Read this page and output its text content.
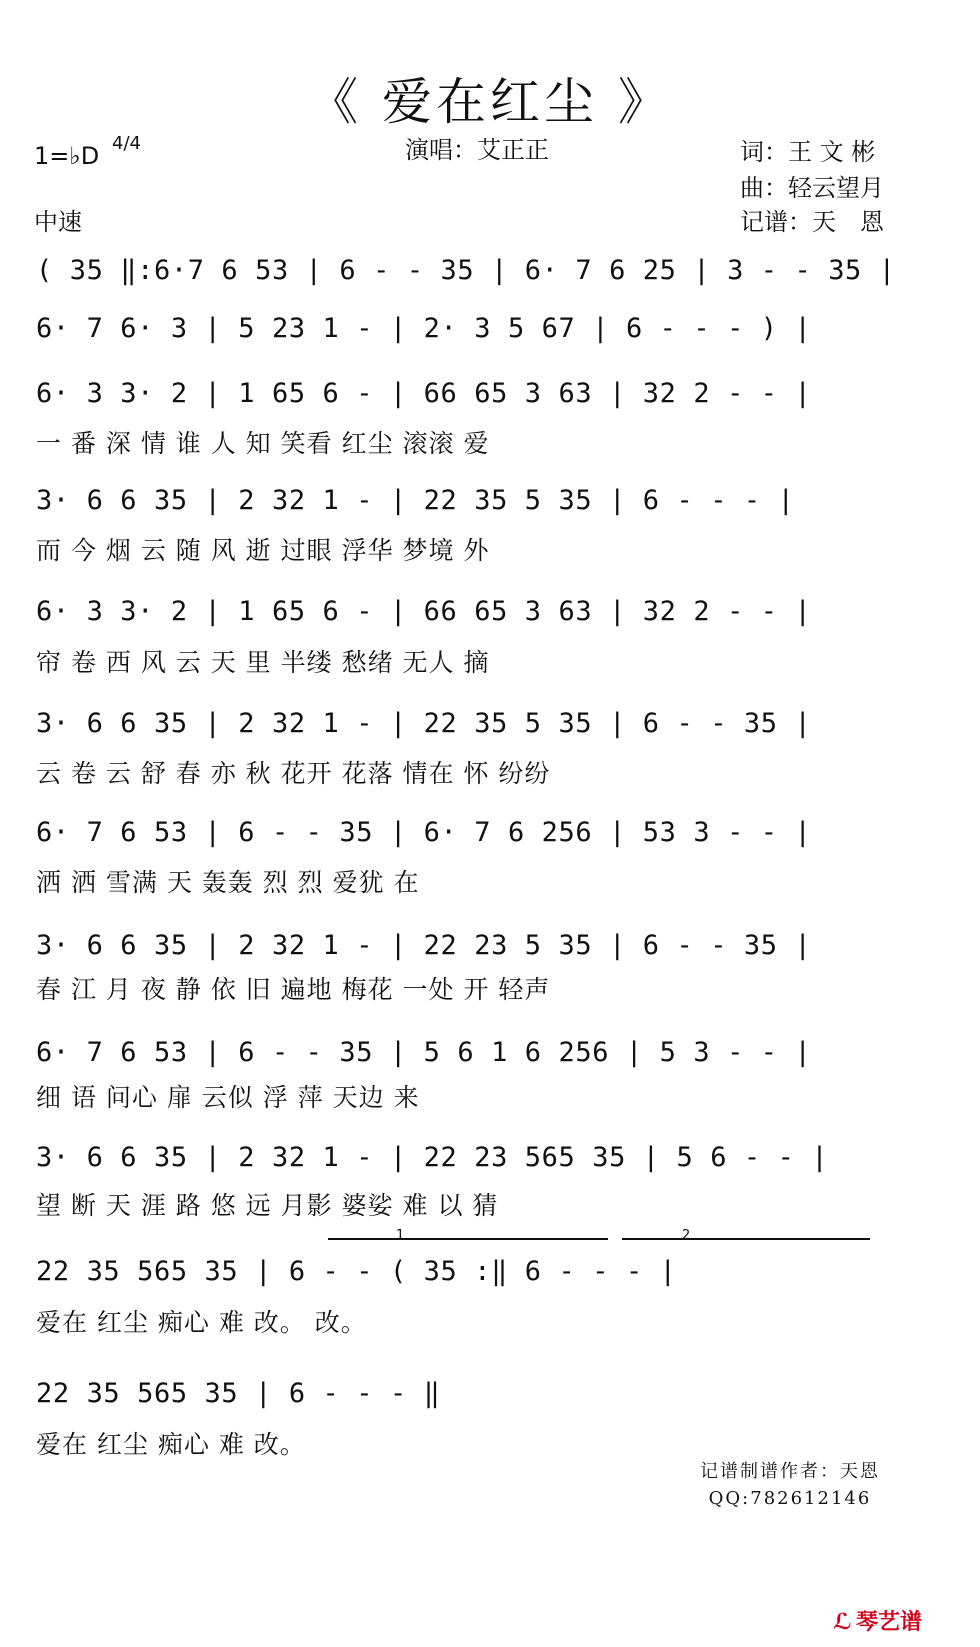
《 爱在红尘 》
1=♭D 4/4
中速
演唱：艾正正	词：王 文 彬
曲：轻云望月
记谱：天　恩
( 35 ‖:6·7 6 53 | 6 - - 35 | 6· 7 6 25 | 3 - - 35 |
6· 7 6· 3 | 5 23 1 - | 2· 3 5 67 | 6 - - - ) |
6· 3 3· 2 | 1 65 6 - | 66 65 3 63 | 32 2 - - |
一 番 深 情 谁 人 知 笑看 红尘 滚滚 爱
3· 6 6 35 | 2 32 1 - | 22 35 5 35 | 6 - - - |
而 今 烟 云 随 风 逝 过眼 浮华 梦境 外
6· 3 3· 2 | 1 65 6 - | 66 65 3 63 | 32 2 - - |
帘 卷 西 风 云 天 里 半缕 愁绪 无人 摘
3· 6 6 35 | 2 32 1 - | 22 35 5 35 | 6 - - 35 |
云 卷 云 舒 春 亦 秋 花开 花落 情在 怀 纷纷
6· 7 6 53 | 6 - - 35 | 6· 7 6 256 | 53 3 - - |
洒 洒 雪满 天 轰轰 烈 烈 爱犹 在
3· 6 6 35 | 2 32 1 - | 22 23 5 35 | 6 - - 35 |
春 江 月 夜 静 依 旧 遍地 梅花 一处 开 轻声
6· 7 6 53 | 6 - - 35 | 5 6 1 6 256 | 5 3 - - |
细 语 问心 扉 云似 浮 萍 天边 来
3· 6 6 35 | 2 32 1 - | 22 23 565 35 | 5 6 - - |
望 断 天 涯 路 悠 远 月影 婆娑 难 以 猜
1	2
22 35 565 35 | 6 - - ( 35 :‖ 6 - - - |
爱在 红尘 痴心 难 改。 改。
22 35 565 35 | 6 - - - ‖
爱在 红尘 痴心 难 改。
记谱制谱作者：天恩
QQ:782612146
ℒ 琴艺谱
